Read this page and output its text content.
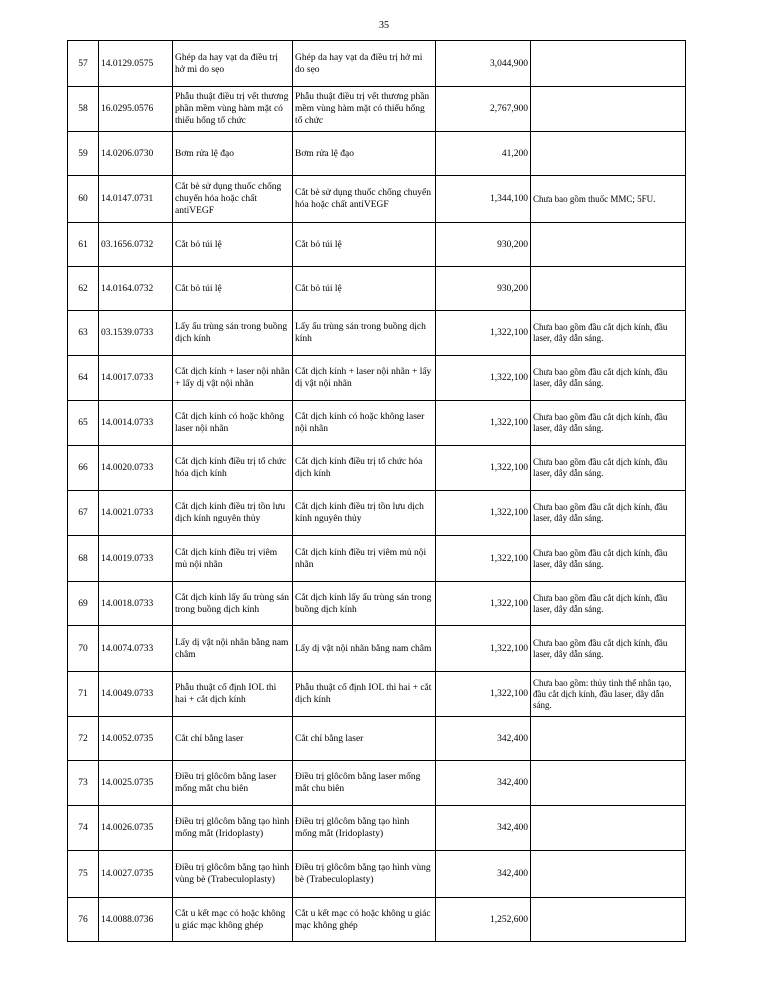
35
57	14.0129.0575	Ghép da hay vạt da điều trị hở mi do sẹo	Ghép da hay vạt da điều trị hở mi do sẹo	3,044,900	
58	16.0295.0576	Phẫu thuật điều trị vết thương phần mềm vùng hàm mặt có thiếu hổng tổ chức	Phẫu thuật điều trị vết thương phần mềm vùng hàm mặt có thiếu hổng tổ chức	2,767,900	
59	14.0206.0730	Bơm rửa lệ đạo	Bơm rửa lệ đạo	41,200	
60	14.0147.0731	Cắt bè sử dụng thuốc chống chuyển hóa hoặc chất antiVEGF	Cắt bè sử dụng thuốc chống chuyển hóa hoặc chất antiVEGF	1,344,100	Chưa bao gồm thuốc MMC; 5FU.
61	03.1656.0732	Cắt bỏ túi lệ	Cắt bỏ túi lệ	930,200	
62	14.0164.0732	Cắt bỏ túi lệ	Cắt bỏ túi lệ	930,200	
63	03.1539.0733	Lấy ấu trùng sán trong buồng dịch kính	Lấy ấu trùng sán trong buồng dịch kính	1,322,100	Chưa bao gồm đầu cắt dịch kính, đầu laser, dây dẫn sáng.
64	14.0017.0733	Cắt dịch kính + laser nội nhãn + lấy dị vật nội nhãn	Cắt dịch kính + laser nội nhãn + lấy dị vật nội nhãn	1,322,100	Chưa bao gồm đầu cắt dịch kính, đầu laser, dây dẫn sáng.
65	14.0014.0733	Cắt dịch kính có hoặc không laser nội nhãn	Cắt dịch kính có hoặc không laser nội nhãn	1,322,100	Chưa bao gồm đầu cắt dịch kính, đầu laser, dây dẫn sáng.
66	14.0020.0733	Cắt dịch kính điều trị tổ chức hóa dịch kính	Cắt dịch kính điều trị tổ chức hóa dịch kính	1,322,100	Chưa bao gồm đầu cắt dịch kính, đầu laser, dây dẫn sáng.
67	14.0021.0733	Cắt dịch kính điều trị tồn lưu dịch kính nguyên thủy	Cắt dịch kính điều trị tồn lưu dịch kính nguyên thủy	1,322,100	Chưa bao gồm đầu cắt dịch kính, đầu laser, dây dẫn sáng.
68	14.0019.0733	Cắt dịch kính điều trị viêm mủ nội nhãn	Cắt dịch kính điều trị viêm mủ nội nhãn	1,322,100	Chưa bao gồm đầu cắt dịch kính, đầu laser, dây dẫn sáng.
69	14.0018.0733	Cắt dịch kính lấy ấu trùng sán trong buồng dịch kính	Cắt dịch kính lấy ấu trùng sán trong buồng dịch kính	1,322,100	Chưa bao gồm đầu cắt dịch kính, đầu laser, dây dẫn sáng.
70	14.0074.0733	Lấy dị vật nội nhãn bằng nam châm	Lấy dị vật nội nhãn bằng nam châm	1,322,100	Chưa bao gồm đầu cắt dịch kính, đầu laser, dây dẫn sáng.
71	14.0049.0733	Phẫu thuật cố định IOL thì hai + cắt dịch kính	Phẫu thuật cố định IOL thì hai + cắt dịch kính	1,322,100	Chưa bao gồm: thủy tinh thể nhân tạo, đầu cắt dịch kính, đầu laser, dây dẫn sáng.
72	14.0052.0735	Cắt chỉ bằng laser	Cắt chỉ bằng laser	342,400	
73	14.0025.0735	Điều trị glôcôm bằng laser mống mắt chu biên	Điều trị glôcôm bằng laser mống mắt chu biên	342,400	
74	14.0026.0735	Điều trị glôcôm bằng tạo hình mống mắt (Iridoplasty)	Điều trị glôcôm bằng tạo hình mống mắt (Iridoplasty)	342,400	
75	14.0027.0735	Điều trị glôcôm bằng tạo hình vùng bè (Trabeculoplasty)	Điều trị glôcôm bằng tạo hình vùng bè (Trabeculoplasty)	342,400	
76	14.0088.0736	Cắt u kết mạc có hoặc không u giác mạc không ghép	Cắt u kết mạc có hoặc không u giác mạc không ghép	1,252,600	
